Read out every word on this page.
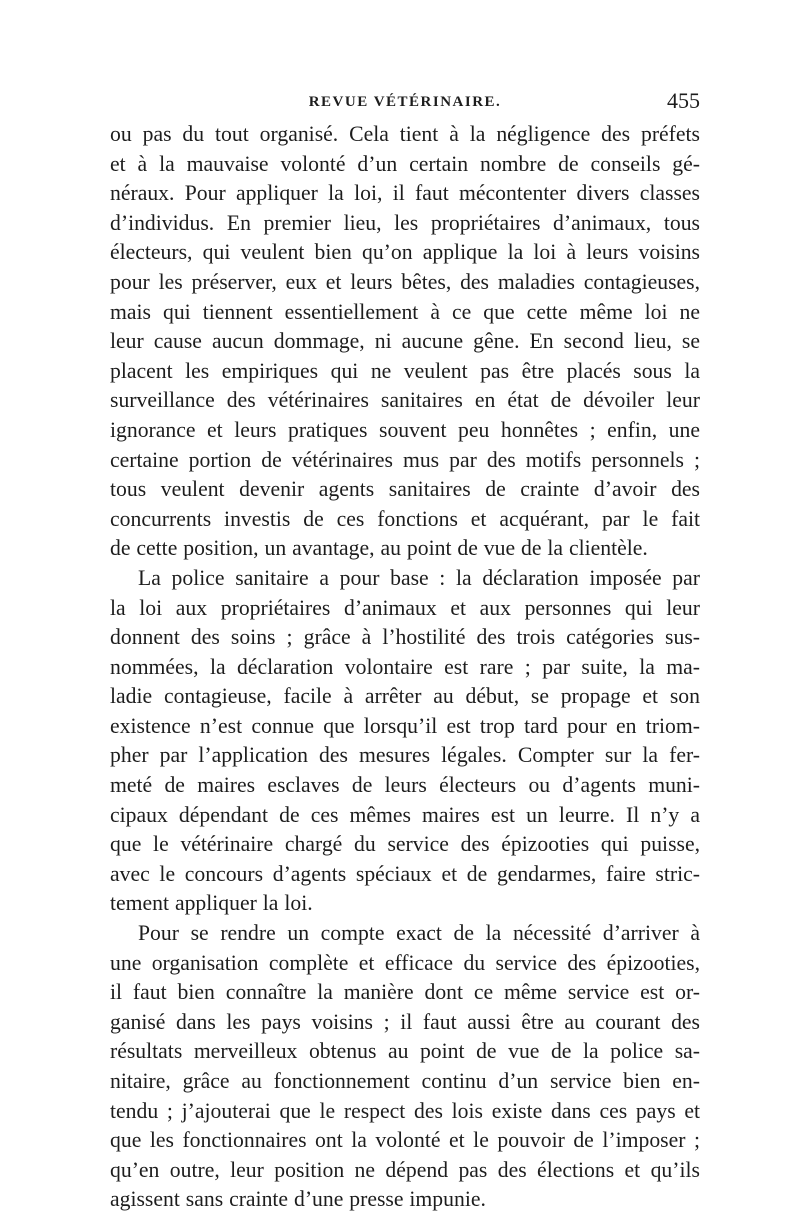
REVUE VÉTÉRINAIRE.	455

ou pas du tout organisé. Cela tient à la négligence des préfets
et à la mauvaise volonté d’un certain nombre de conseils gé-
néraux. Pour appliquer la loi, il faut mécontenter divers classes
d’individus. En premier lieu, les propriétaires d’animaux, tous
électeurs, qui veulent bien qu’on applique la loi à leurs voisins
pour les préserver, eux et leurs bêtes, des maladies contagieuses,
mais qui tiennent essentiellement à ce que cette même loi ne
leur cause aucun dommage, ni aucune gêne. En second lieu, se
placent les empiriques qui ne veulent pas être placés sous la
surveillance des vétérinaires sanitaires en état de dévoiler leur
ignorance et leurs pratiques souvent peu honnêtes ; enfin, une
certaine portion de vétérinaires mus par des motifs personnels ;
tous veulent devenir agents sanitaires de crainte d’avoir des
concurrents investis de ces fonctions et acquérant, par le fait
de cette position, un avantage, au point de vue de la clientèle.

La police sanitaire a pour base : la déclaration imposée par
la loi aux propriétaires d’animaux et aux personnes qui leur
donnent des soins ; grâce à l’hostilité des trois catégories sus-
nommées, la déclaration volontaire est rare ; par suite, la ma-
ladie contagieuse, facile à arrêter au début, se propage et son
existence n’est connue que lorsqu’il est trop tard pour en triom-
pher par l’application des mesures légales. Compter sur la fer-
meté de maires esclaves de leurs électeurs ou d’agents muni-
cipaux dépendant de ces mêmes maires est un leurre. Il n’y a
que le vétérinaire chargé du service des épizooties qui puisse,
avec le concours d’agents spéciaux et de gendarmes, faire stric-
tement appliquer la loi.

Pour se rendre un compte exact de la nécessité d’arriver à
une organisation complète et efficace du service des épizooties,
il faut bien connaître la manière dont ce même service est or-
ganisé dans les pays voisins ; il faut aussi être au courant des
résultats merveilleux obtenus au point de vue de la police sa-
nitaire, grâce au fonctionnement continu d’un service bien en-
tendu ; j’ajouterai que le respect des lois existe dans ces pays et
que les fonctionnaires ont la volonté et le pouvoir de l’imposer ;
qu’en outre, leur position ne dépend pas des élections et qu’ils
agissent sans crainte d’une presse impunie.
